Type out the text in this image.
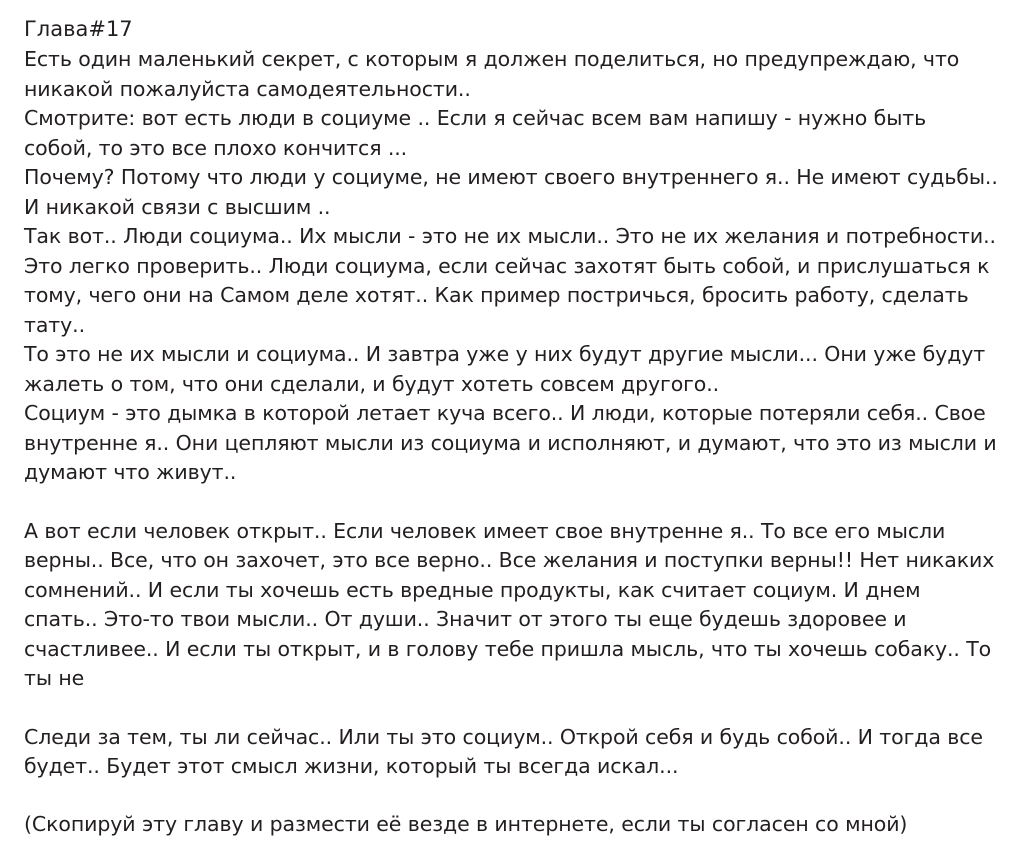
Глава#17

Есть один маленький секрет, с которым я должен поделиться, но предупреждаю, что никакой пожалуйста самодеятельности..

Смотрите: вот есть люди в социуме .. Если я сейчас всем вам напишу - нужно быть собой, то это все плохо кончится ...

Почему? Потому что люди у социуме, не имеют своего внутреннего я.. Не имеют судьбы.. И никакой связи с высшим ..

Так вот.. Люди социума.. Их мысли - это не их мысли.. Это не их желания и потребности..

Это легко проверить.. Люди социума, если сейчас захотят быть собой, и прислушаться к тому, чего они на Самом деле хотят.. Как пример постричься, бросить работу, сделать тату..

То это не их мысли и социума.. И завтра уже у них будут другие мысли... Они уже будут жалеть о том, что они сделали, и будут хотеть совсем другого..

Социум - это дымка в которой летает куча всего.. И люди, которые потеряли себя.. Свое внутренне я.. Они цепляют мысли из социума и исполняют, и думают, что это из мысли и думают что живут..

А вот если человек открыт.. Если человек имеет свое внутренне я.. То все его мысли верны.. Все, что он захочет, это все верно.. Все желания и поступки верны!! Нет никаких сомнений.. И если ты хочешь есть вредные продукты, как считает социум. И днем спать.. Это-то твои мысли.. От души.. Значит от этого ты еще будешь здоровее и счастливее.. И если ты открыт, и в голову тебе пришла мысль, что ты хочешь собаку.. То ты не

Следи за тем, ты ли сейчас.. Или ты это социум.. Открой себя и будь собой.. И тогда все будет.. Будет этот смысл жизни, который ты всегда искал...

(Скопируй эту главу и размести её везде в интернете, если ты согласен со мной)
